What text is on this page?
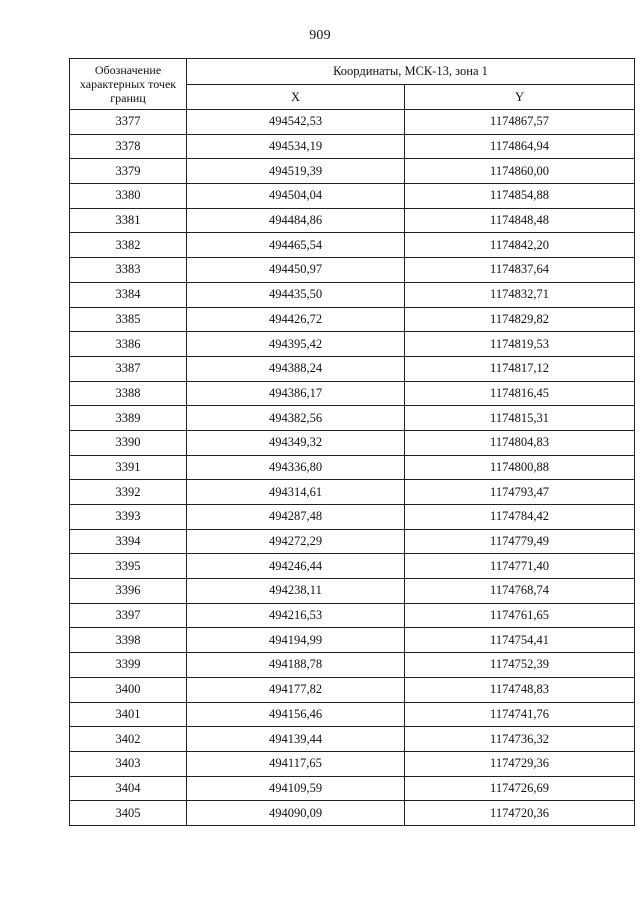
909
Обозначение характерных точек границ	Координаты, МСК-13, зона 1	
	X	Y
3377	494542,53	1174867,57
3378	494534,19	1174864,94
3379	494519,39	1174860,00
3380	494504,04	1174854,88
3381	494484,86	1174848,48
3382	494465,54	1174842,20
3383	494450,97	1174837,64
3384	494435,50	1174832,71
3385	494426,72	1174829,82
3386	494395,42	1174819,53
3387	494388,24	1174817,12
3388	494386,17	1174816,45
3389	494382,56	1174815,31
3390	494349,32	1174804,83
3391	494336,80	1174800,88
3392	494314,61	1174793,47
3393	494287,48	1174784,42
3394	494272,29	1174779,49
3395	494246,44	1174771,40
3396	494238,11	1174768,74
3397	494216,53	1174761,65
3398	494194,99	1174754,41
3399	494188,78	1174752,39
3400	494177,82	1174748,83
3401	494156,46	1174741,76
3402	494139,44	1174736,32
3403	494117,65	1174729,36
3404	494109,59	1174726,69
3405	494090,09	1174720,36
